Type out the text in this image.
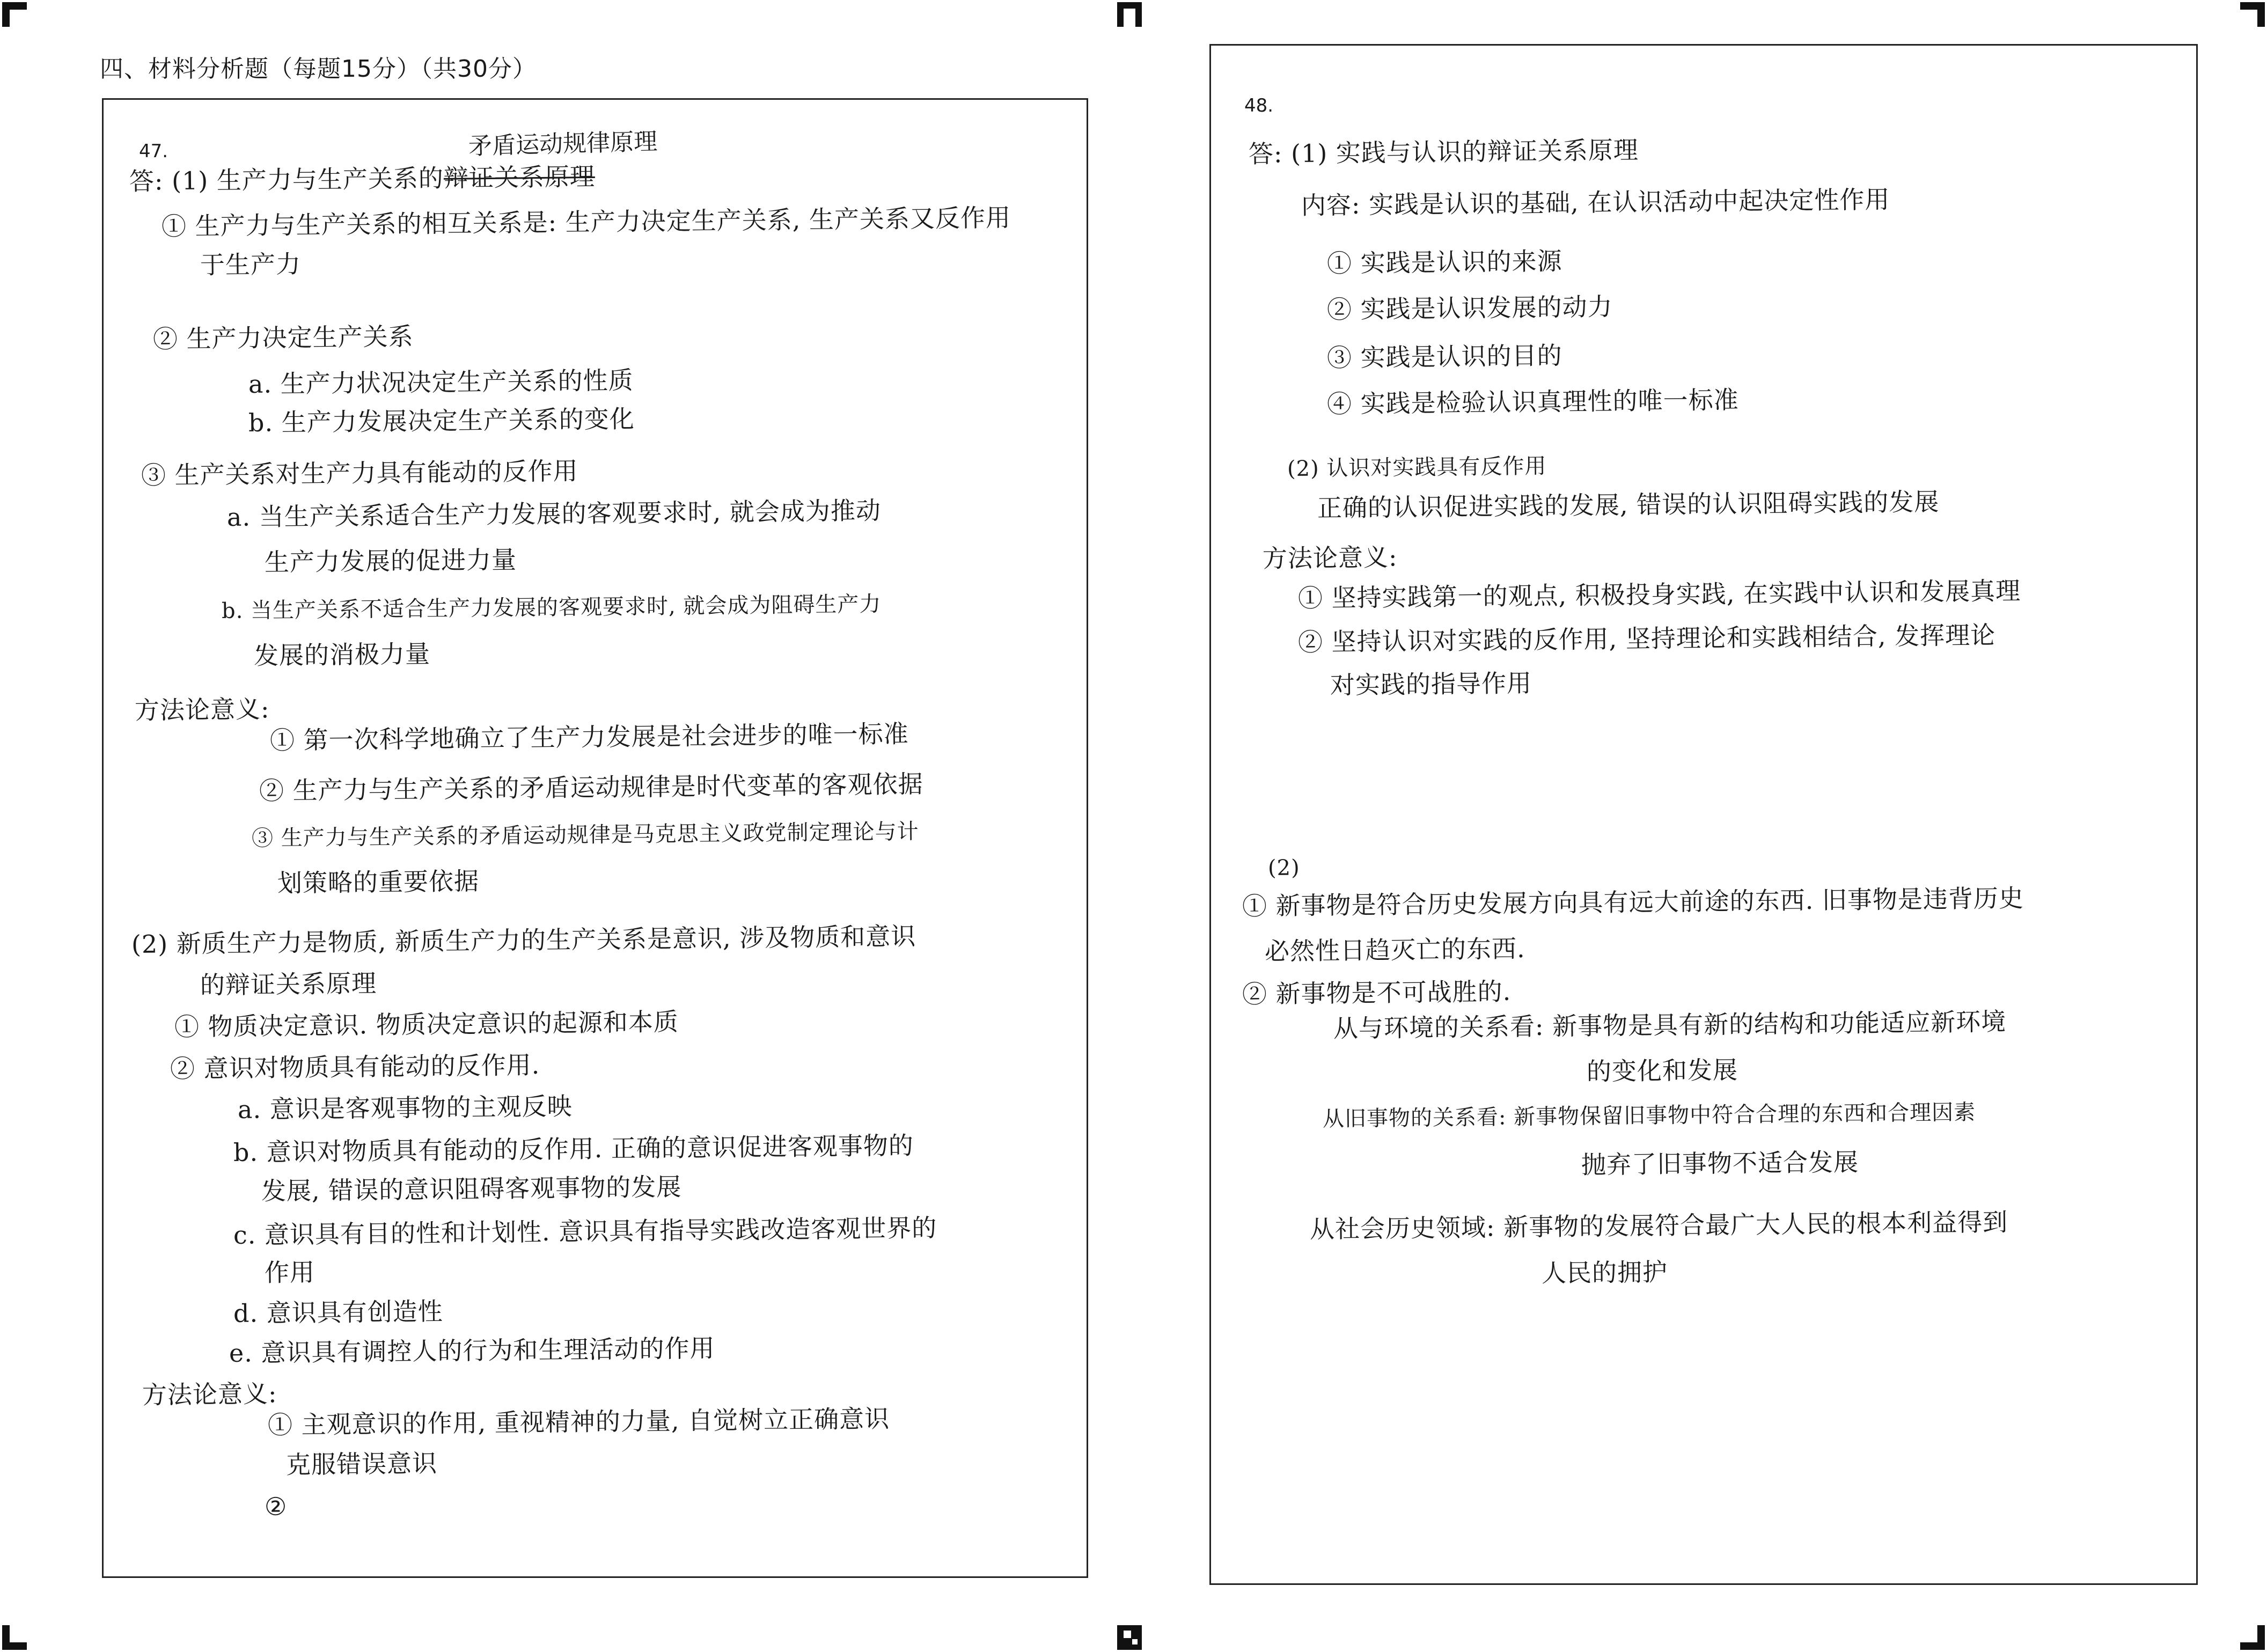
四、材料分析题（每题15分）（共30分）

47.	矛盾运动规律原理

答: (1) 生产力与生产关系的辩证关系原理

① 生产力与生产关系的相互关系是: 生产力决定生产关系, 生产关系又反作用

于生产力

② 生产力决定生产关系

a. 生产力状况决定生产关系的性质

b. 生产力发展决定生产关系的变化

③ 生产关系对生产力具有能动的反作用

a. 当生产关系适合生产力发展的客观要求时, 就会成为推动

生产力发展的促进力量

b. 当生产关系不适合生产力发展的客观要求时, 就会成为阻碍生产力

发展的消极力量

方法论意义:

① 第一次科学地确立了生产力发展是社会进步的唯一标准

② 生产力与生产关系的矛盾运动规律是时代变革的客观依据

③ 生产力与生产关系的矛盾运动规律是马克思主义政党制定理论与计

划策略的重要依据

(2) 新质生产力是物质, 新质生产力的生产关系是意识, 涉及物质和意识

的辩证关系原理

① 物质决定意识. 物质决定意识的起源和本质

② 意识对物质具有能动的反作用.

a. 意识是客观事物的主观反映

b. 意识对物质具有能动的反作用. 正确的意识促进客观事物的

发展, 错误的意识阻碍客观事物的发展

c. 意识具有目的性和计划性. 意识具有指导实践改造客观世界的

作用

d. 意识具有创造性

e. 意识具有调控人的行为和生理活动的作用

方法论意义:

① 主观意识的作用, 重视精神的力量, 自觉树立正确意识

克服错误意识

②

48.

答: (1) 实践与认识的辩证关系原理

内容: 实践是认识的基础, 在认识活动中起决定性作用

① 实践是认识的来源

② 实践是认识发展的动力

③ 实践是认识的目的

④ 实践是检验认识真理性的唯一标准

(2) 认识对实践具有反作用

正确的认识促进实践的发展, 错误的认识阻碍实践的发展

方法论意义:

① 坚持实践第一的观点, 积极投身实践, 在实践中认识和发展真理

② 坚持认识对实践的反作用, 坚持理论和实践相结合, 发挥理论

对实践的指导作用

(2)

① 新事物是符合历史发展方向具有远大前途的东西. 旧事物是违背历史

必然性日趋灭亡的东西.

② 新事物是不可战胜的.

从与环境的关系看: 新事物是具有新的结构和功能适应新环境

的变化和发展

从旧事物的关系看: 新事物保留旧事物中符合合理的东西和合理因素

抛弃了旧事物不适合发展

从社会历史领域: 新事物的发展符合最广大人民的根本利益得到

人民的拥护
